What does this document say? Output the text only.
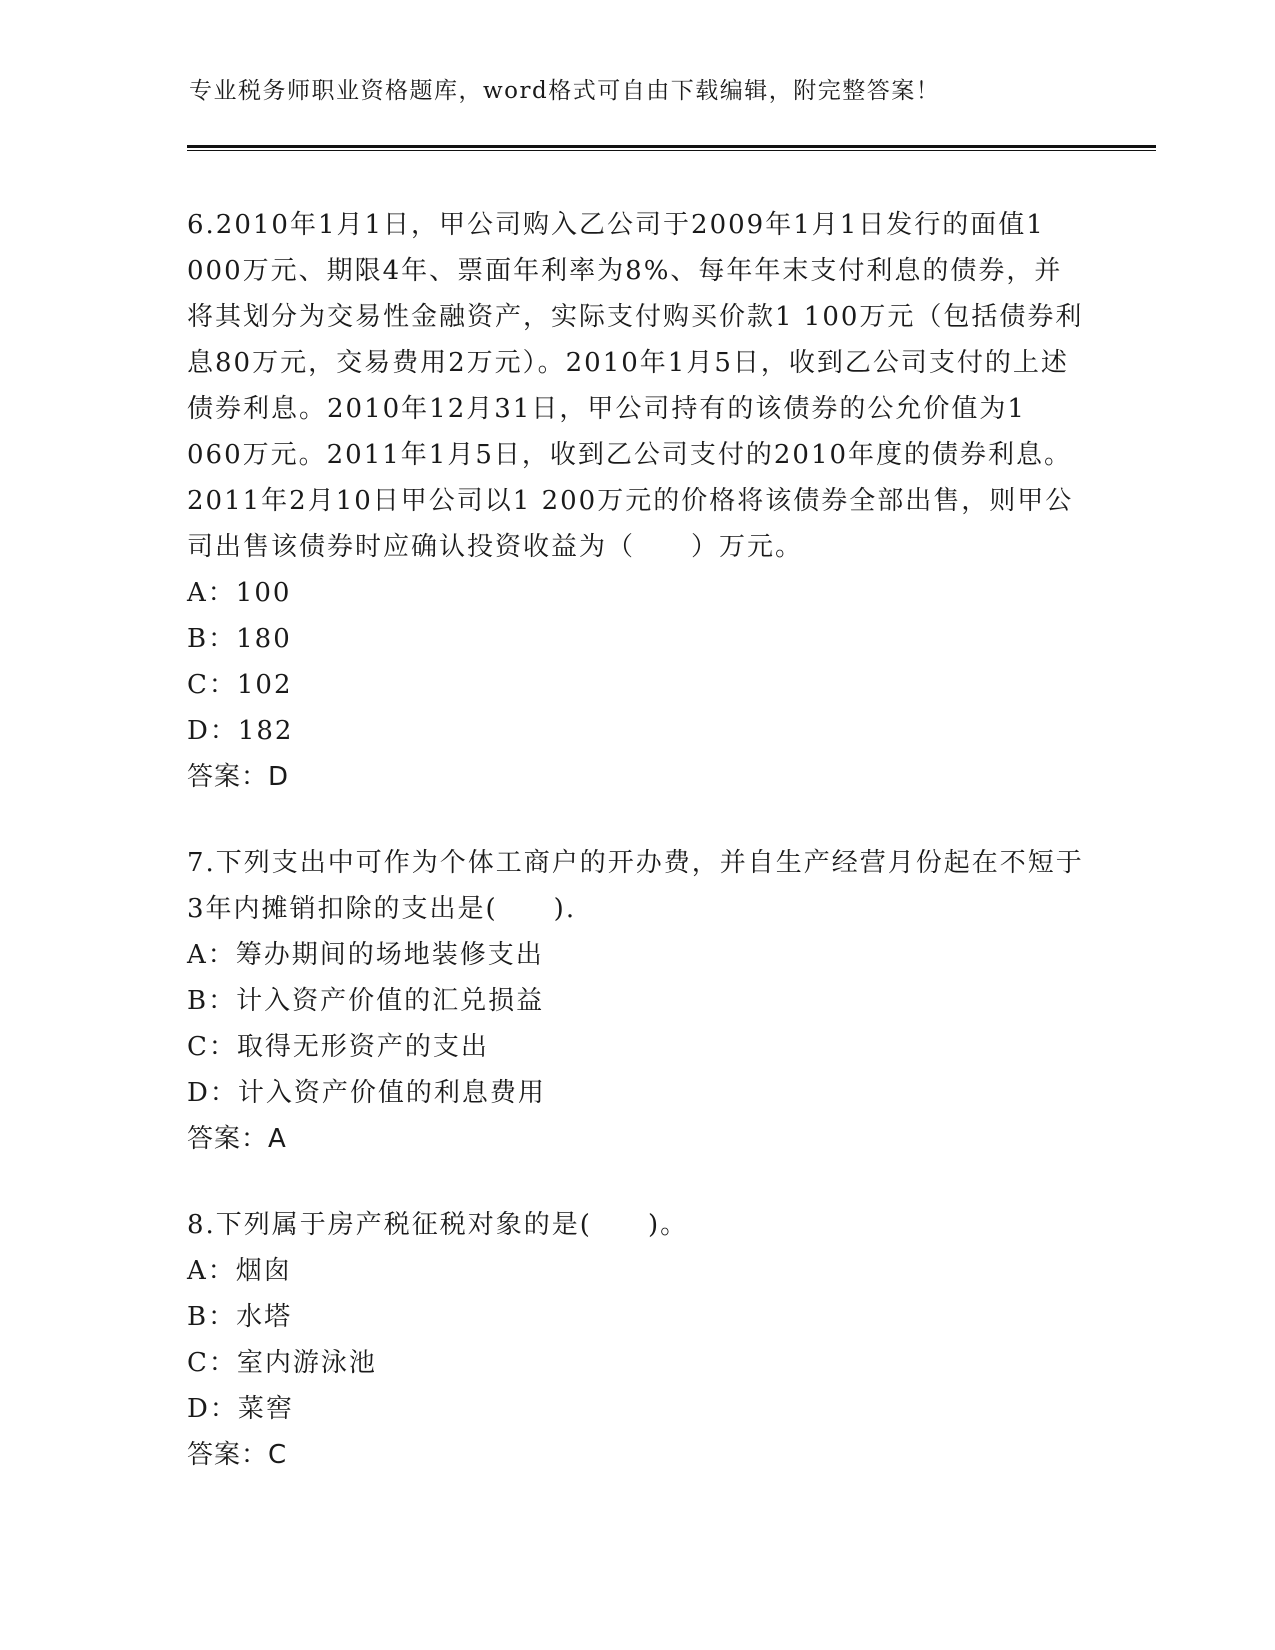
专业税务师职业资格题库，word格式可自由下载编辑，附完整答案！

6.2010年1月1日，甲公司购入乙公司于2009年1月1日发行的面值1 000万元、期限4年、票面年利率为8%、每年年末支付利息的债券，并将其划分为交易性金融资产，实际支付购买价款1 100万元（包括债券利息80万元，交易费用2万元）。2010年1月5日，收到乙公司支付的上述债券利息。2010年12月31日，甲公司持有的该债券的公允价值为1 060万元。2011年1月5日，收到乙公司支付的2010年度的债券利息。2011年2月10日甲公司以1 200万元的价格将该债券全部出售，则甲公司出售该债券时应确认投资收益为（　　）万元。

A：100
B：180
C：102
D：182
答案：D

7.下列支出中可作为个体工商户的开办费，并自生产经营月份起在不短于3年内摊销扣除的支出是(　　).

A：筹办期间的场地装修支出
B：计入资产价值的汇兑损益
C：取得无形资产的支出
D：计入资产价值的利息费用
答案：A

8.下列属于房产税征税对象的是(　　)。

A：烟囱
B：水塔
C：室内游泳池
D：菜窖
答案：C
